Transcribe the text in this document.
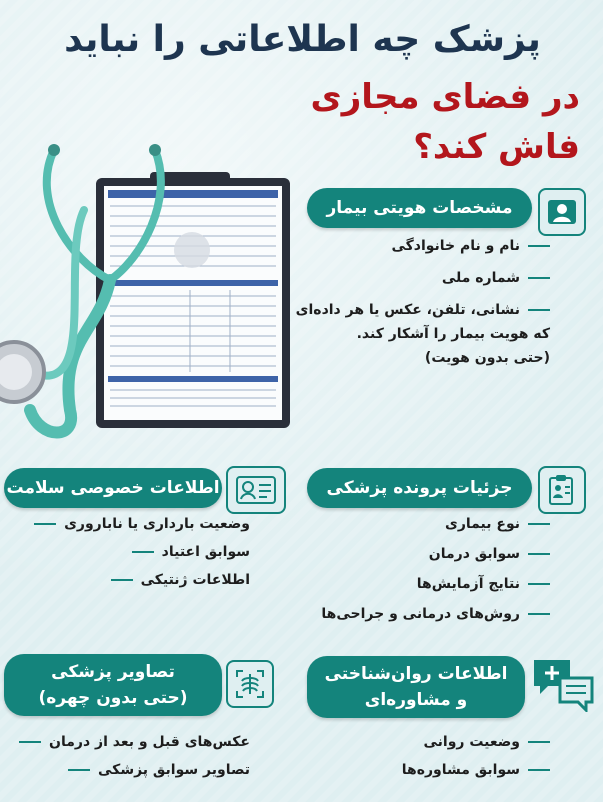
پزشک چه اطلاعاتی را نباید
در فضای مجازی فاش کند؟
مشخصات هویتی بیمار
نام و نام خانوادگی
شماره ملی
نشانی، تلفن، عکس یا هر داده‌ای
که هویت بیمار را آشکار کند.
(حتی بدون هویت)
اطلاعات خصوصی سلامت
وضعیت بارداری یا ناباروری
سوابق اعتیاد
اطلاعات ژنتیکی
جزئیات پرونده پزشکی
نوع بیماری
سوابق درمان
نتایج آزمایش‌ها
روش‌های درمانی و جراحی‌ها
تصاویر پزشکی
(حتی بدون چهره)
عکس‌های قبل و بعد از درمان
تصاویر سوابق پزشکی
اطلاعات روان‌شناختی
و مشاوره‌ای
وضعیت روانی
سوابق مشاوره‌ها
